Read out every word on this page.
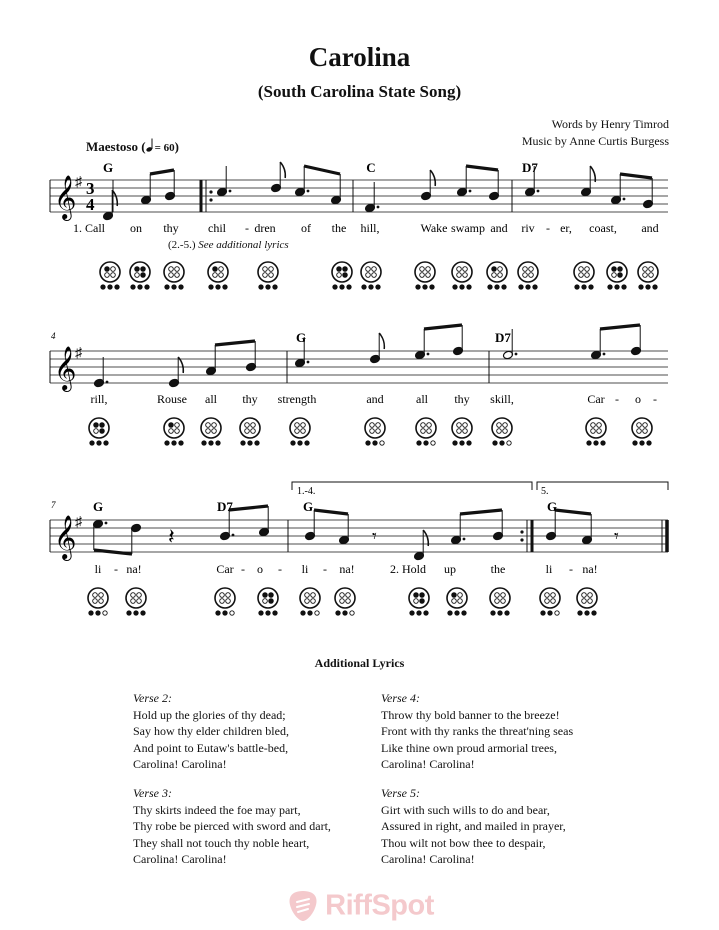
Carolina
(South Carolina State Song)
Words by Henry Timrod
Music by Anne Curtis Burgess
Maestoso ( = 60)
(2.-5.) See additional lyrics
𝄞
♯
𝄞
♯
𝄞
♯
3
4
𝄽	𝄾	𝄾
1.-4.	5.
G	C	D7
1. Call on thy chil - dren of the hill,	Wake swamp and riv - er, coast, and
4	G	D7
rill,	Rouse all thy strength	and	all thy skill,	Car - o -
7	G	D7	G	G
li - na!	Car - o - li - na!	2. Hold up	the	li - na!
Additional Lyrics
Verse 2:
Hold up the glories of thy dead;
Say how thy elder children bled,
And point to Eutaw's battle-bed,
Carolina! Carolina!
Verse 3:
Thy skirts indeed the foe may part,
Thy robe be pierced with sword and dart,
They shall not touch thy noble heart,
Carolina! Carolina!
Verse 4:
Throw thy bold banner to the breeze!
Front with thy ranks the threat'ning seas
Like thine own proud armorial trees,
Carolina! Carolina!
Verse 5:
Girt with such wills to do and bear,
Assured in right, and mailed in prayer,
Thou wilt not bow thee to despair,
Carolina! Carolina!
RiffSpot
